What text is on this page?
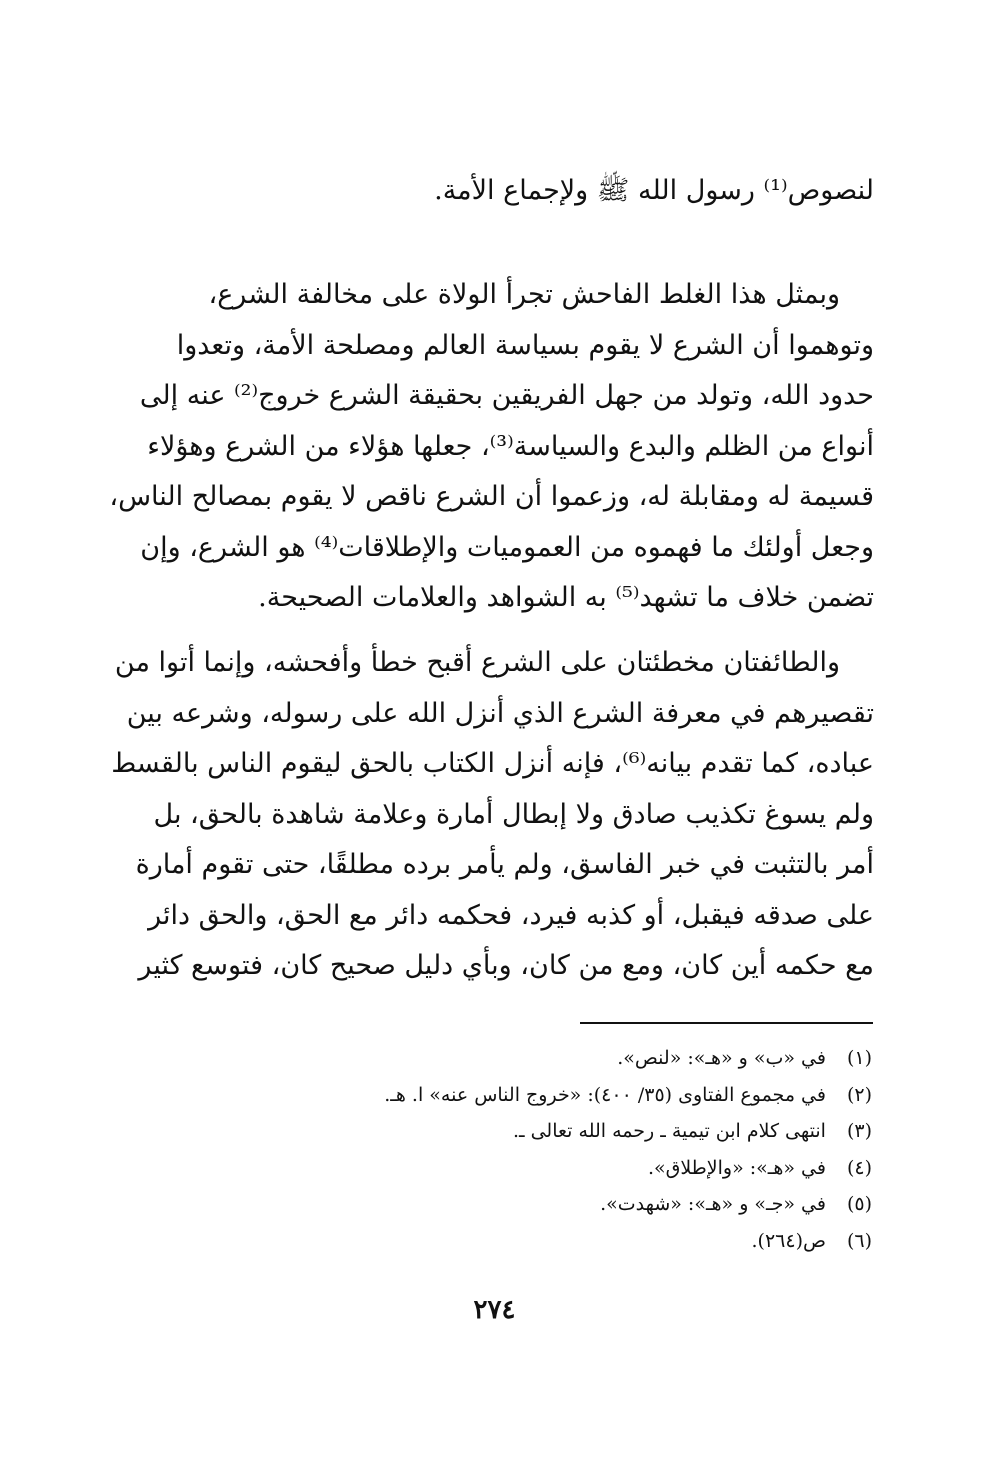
لنصوص⁽¹⁾ رسول الله ﷺ ولإجماع الأمة.
وبمثل هذا الغلط الفاحش تجرأ الولاة على مخالفة الشرع،
وتوهموا أن الشرع لا يقوم بسياسة العالم ومصلحة الأمة، وتعدوا
حدود الله، وتولد من جهل الفريقين بحقيقة الشرع خروج⁽²⁾ عنه إلى
أنواع من الظلم والبدع والسياسة⁽³⁾، جعلها هؤلاء من الشرع وهؤلاء
قسيمة له ومقابلة له، وزعموا أن الشرع ناقص لا يقوم بمصالح الناس،
وجعل أولئك ما فهموه من العموميات والإطلاقات⁽⁴⁾ هو الشرع، وإن
تضمن خلاف ما تشهد⁽⁵⁾ به الشواهد والعلامات الصحيحة.
والطائفتان مخطئتان على الشرع أقبح خطأ وأفحشه، وإنما أتوا من
تقصيرهم في معرفة الشرع الذي أنزل الله على رسوله، وشرعه بين
عباده، كما تقدم بيانه⁽⁶⁾، فإنه أنزل الكتاب بالحق ليقوم الناس بالقسط
ولم يسوغ تكذيب صادق ولا إبطال أمارة وعلامة شاهدة بالحق، بل
أمر بالتثبت في خبر الفاسق، ولم يأمر برده مطلقًا، حتى تقوم أمارة
على صدقه فيقبل، أو كذبه فيرد، فحكمه دائر مع الحق، والحق دائر
مع حكمه أين كان، ومع من كان، وبأي دليل صحيح كان، فتوسع كثير
(١) في «ب» و «هـ»: «لنص».
(٢) في مجموع الفتاوى (٣٥/ ٤٠٠): «خروج الناس عنه» ا. هـ.
(٣) انتهى كلام ابن تيمية ـ رحمه الله تعالى ـ.
(٤) في «هـ»: «والإطلاق».
(٥) في «جـ» و «هـ»: «شهدت».
(٦) ص(٢٦٤).
٢٧٤
